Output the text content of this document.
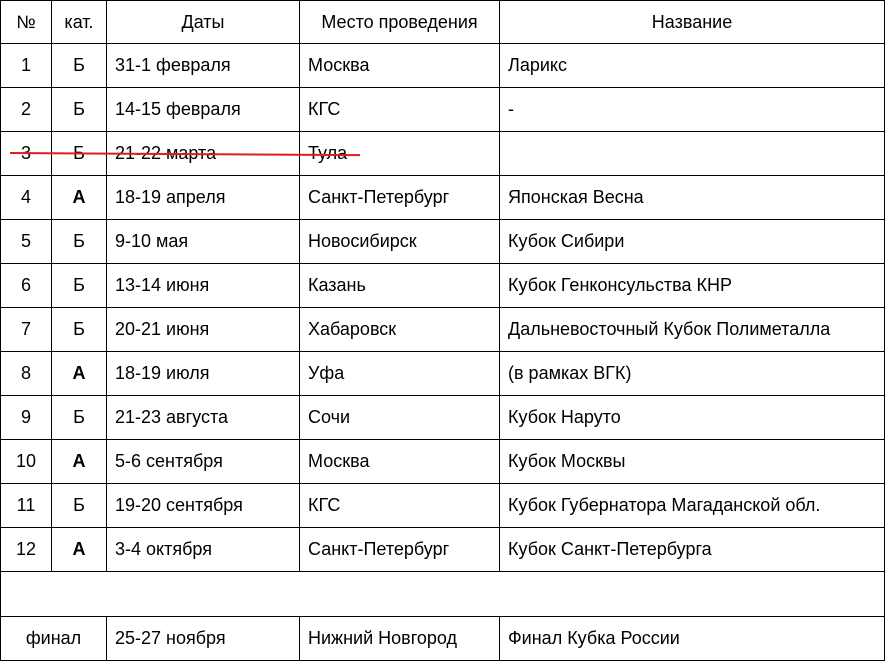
№	кат.	Даты	Место проведения	Название
1	Б	31-1 февраля	Москва	Ларикс
2	Б	14-15 февраля	КГС	-
3	Б	21-22 марта	Тула	
4	А	18-19 апреля	Санкт-Петербург	Японская Весна
5	Б	9-10 мая	Новосибирск	Кубок Сибири
6	Б	13-14 июня	Казань	Кубок Генконсульства КНР
7	Б	20-21 июня	Хабаровск	Дальневосточный Кубок Полиметалла
8	А	18-19 июля	Уфа	(в рамках ВГК)
9	Б	21-23 августа	Сочи	Кубок Наруто
10	А	5-6 сентября	Москва	Кубок Москвы
11	Б	19-20 сентября	КГС	Кубок Губернатора Магаданской обл.
12	А	3-4 октября	Санкт-Петербург	Кубок Санкт-Петербурга

финал		25-27 ноября	Нижний Новгород	Финал Кубка России
